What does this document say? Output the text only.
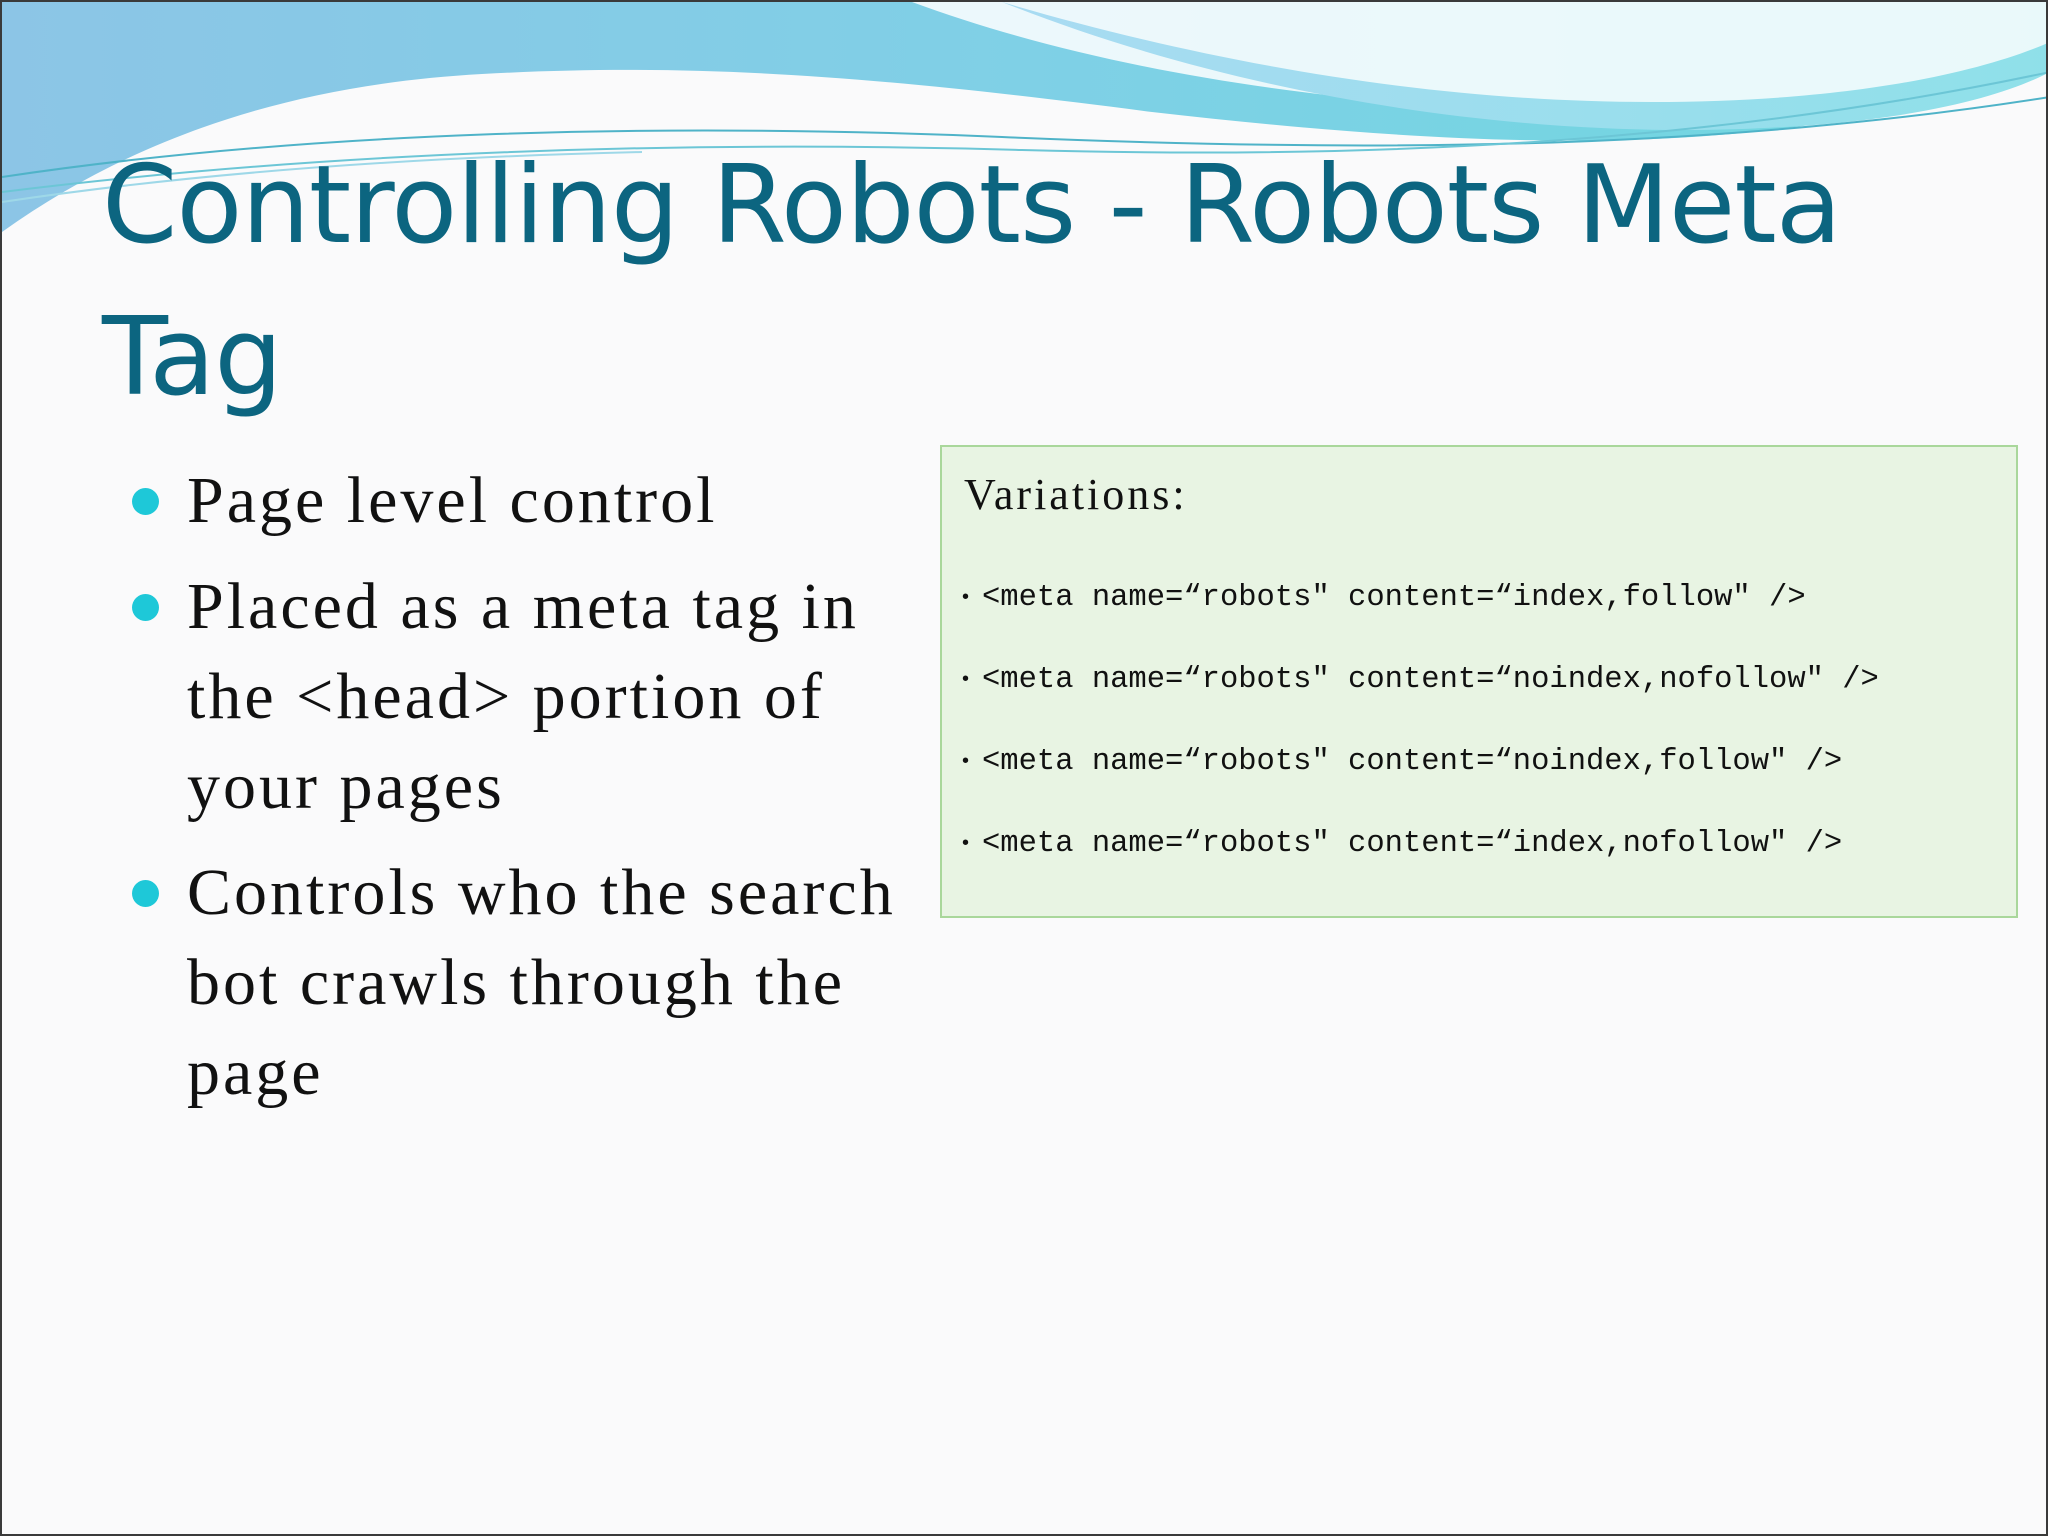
Controlling Robots - Robots Meta Tag
Page level control
Placed as a meta tag in the <head> portion of your pages
Controls who the search bot crawls through the page
Variations:
• <meta name=“robots" content=“index,follow" />
• <meta name=“robots" content=“noindex,nofollow" />
• <meta name=“robots" content=“noindex,follow" />
• <meta name=“robots" content=“index,nofollow" />
